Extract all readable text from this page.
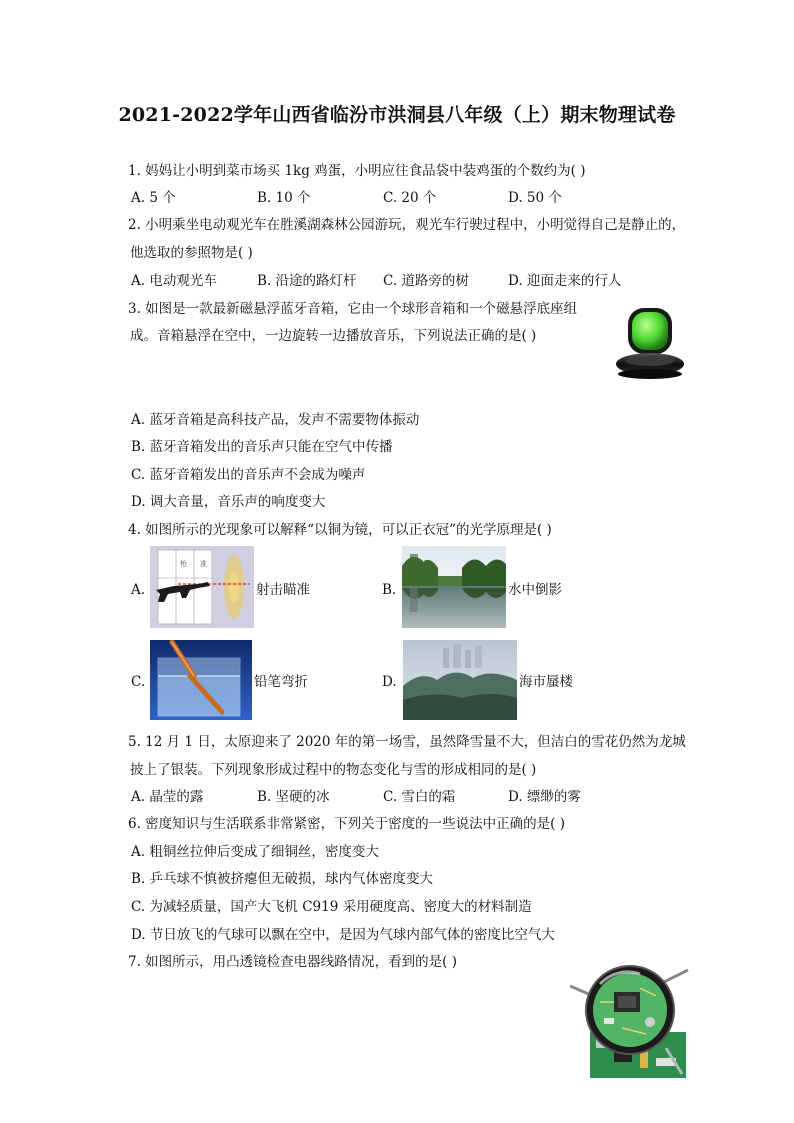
2021-2022学年山西省临汾市洪洞县八年级（上）期末物理试卷
1. 妈妈让小明到菜市场买 1kg 鸡蛋，小明应往食品袋中装鸡蛋的个数约为( )
A. 5 个	B. 10 个	C. 20 个	D. 50 个
2. 小明乘坐电动观光车在胜溪湖森林公园游玩，观光车行驶过程中，小明觉得自己是静止的，
他选取的参照物是( )
A. 电动观光车	B. 沿途的路灯杆 C. 道路旁的树	D. 迎面走来的行人
3. 如图是一款最新磁悬浮蓝牙音箱，它由一个球形音箱和一个磁悬浮底座组
成。音箱悬浮在空中，一边旋转一边播放音乐，下列说法正确的是( )
A. 蓝牙音箱是高科技产品，发声不需要物体振动
B. 蓝牙音箱发出的音乐声只能在空气中传播
C. 蓝牙音箱发出的音乐声不会成为噪声
D. 调大音量，音乐声的响度变大
4. 如图所示的光现象可以解释“以铜为镜，可以正衣冠”的光学原理是( )
A.
枪 准
射击瞄准	B.	水中倒影
C.	铅笔弯折	D.	海市蜃楼
5. 12 月 1 日，太原迎来了 2020 年的第一场雪，虽然降雪量不大，但洁白的雪花仍然为龙城
披上了银装。下列现象形成过程中的物态变化与雪的形成相同的是( )
A. 晶莹的露	B. 坚硬的冰	C. 雪白的霜	D. 缥缈的雾
6. 密度知识与生活联系非常紧密，下列关于密度的一些说法中正确的是( )
A. 粗铜丝拉伸后变成了细铜丝，密度变大
B. 乒乓球不慎被挤瘪但无破损，球内气体密度变大
C. 为减轻质量，国产大飞机 C919 采用硬度高、密度大的材料制造
D. 节日放飞的气球可以飘在空中，是因为气球内部气体的密度比空气大
7. 如图所示，用凸透镜检查电器线路情况，看到的是( )
